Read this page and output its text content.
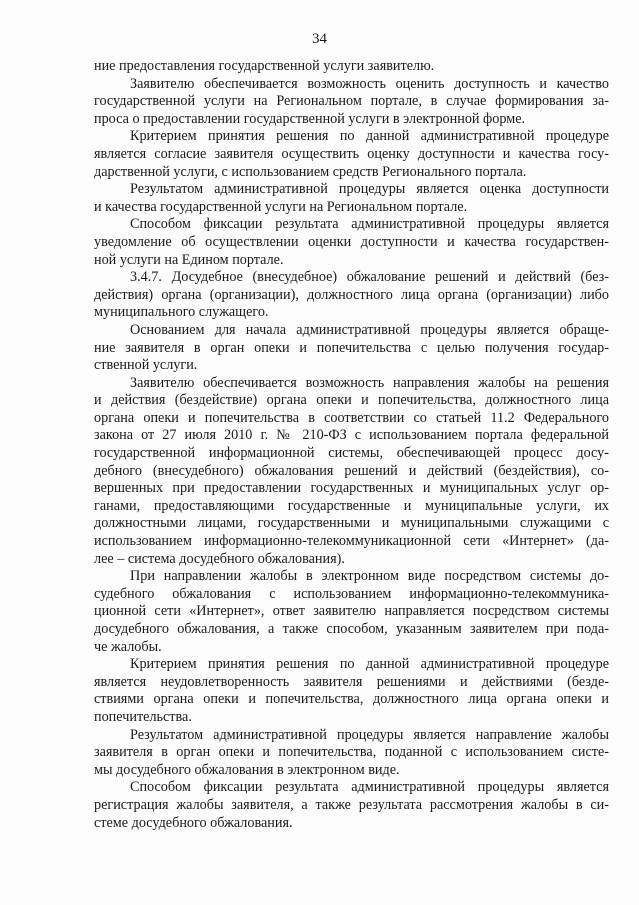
34
ние предоставления государственной услуги заявителю.
Заявителю обеспечивается возможность оценить доступность и качество
государственной услуги на Региональном портале, в случае формирования за-
проса о предоставлении государственной услуги в электронной форме.
Критерием принятия решения по данной административной процедуре
является согласие заявителя осуществить оценку доступности и качества госу-
дарственной услуги, с использованием средств Регионального портала.
Результатом административной процедуры является оценка доступности
и качества государственной услуги на Региональном портале.
Способом фиксации результата административной процедуры является
уведомление об осуществлении оценки доступности и качества государствен-
ной услуги на Едином портале.
3.4.7. Досудебное (внесудебное) обжалование решений и действий (без-
действия) органа (организации), должностного лица органа (организации) либо
муниципального служащего.
Основанием для начала административной процедуры является обраще-
ние заявителя в орган опеки и попечительства с целью получения государ-
ственной услуги.
Заявителю обеспечивается возможность направления жалобы на решения
и действия (бездействие) органа опеки и попечительства, должностного лица
органа опеки и попечительства в соответствии со статьей 11.2 Федерального
закона от 27 июля 2010 г. № 210-ФЗ с использованием портала федеральной
государственной информационной системы, обеспечивающей процесс досу-
дебного (внесудебного) обжалования решений и действий (бездействия), со-
вершенных при предоставлении государственных и муниципальных услуг ор-
ганами, предоставляющими государственные и муниципальные услуги, их
должностными лицами, государственными и муниципальными служащими с
использованием информационно-телекоммуникационной сети «Интернет» (да-
лее – система досудебного обжалования).
При направлении жалобы в электронном виде посредством системы до-
судебного обжалования с использованием информационно-телекоммуника-
ционной сети «Интернет», ответ заявителю направляется посредством системы
досудебного обжалования, а также способом, указанным заявителем при пода-
че жалобы.
Критерием принятия решения по данной административной процедуре
является неудовлетворенность заявителя решениями и действиями (безде-
ствиями органа опеки и попечительства, должностного лица органа опеки и
попечительства.
Результатом административной процедуры является направление жалобы
заявителя в орган опеки и попечительства, поданной с использованием систе-
мы досудебного обжалования в электронном виде.
Способом фиксации результата административной процедуры является
регистрация жалобы заявителя, а также результата рассмотрения жалобы в си-
стеме досудебного обжалования.
